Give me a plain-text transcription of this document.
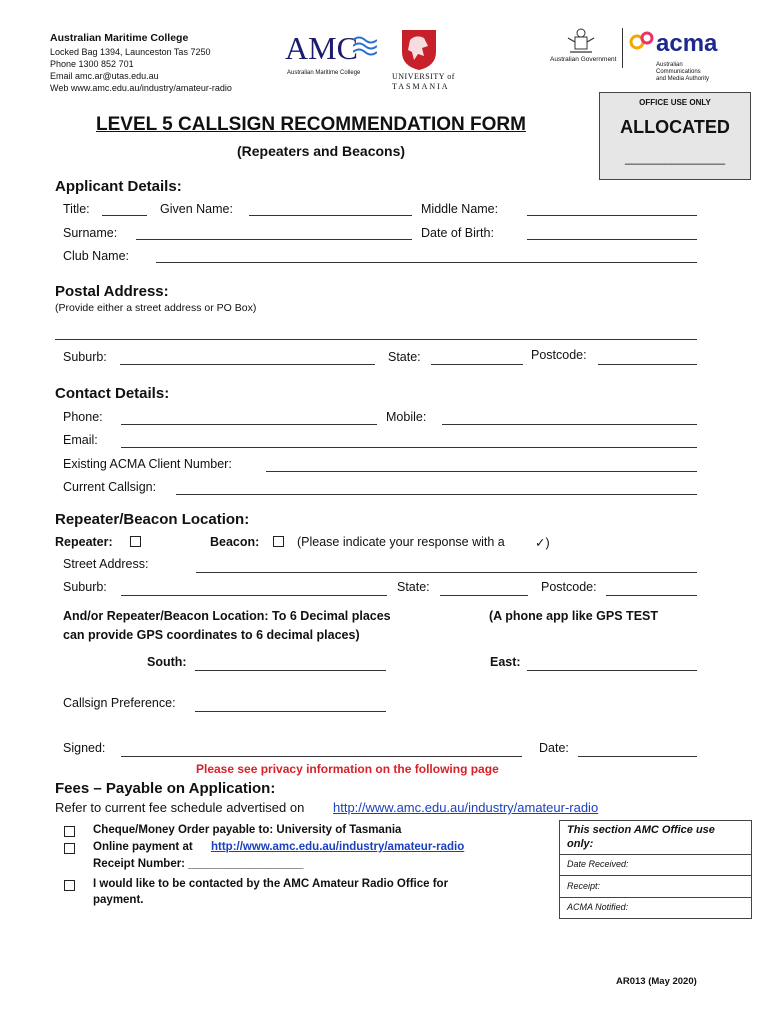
Australian Maritime College
Locked Bag 1394, Launceston Tas 7250
Phone 1300 852 701
Email amc.ar@utas.edu.au
Web www.amc.edu.au/industry/amateur-radio
AMC
Australian Maritime College	UNIVERSITY of
TASMANIA
Australian Government
acma
Australian
Communications
and Media Authority
OFFICE USE ONLY
ALLOCATED
_______________
LEVEL 5 CALLSIGN RECOMMENDATION FORM
(Repeaters and Beacons)
Applicant Details:
Title:	Given Name:	Middle Name:
Surname:	Date of Birth:
Club Name:
Postal Address:
(Provide either a street address or PO Box)
Suburb:	State:	Postcode:
Contact Details:
Phone:	Mobile:
Email:
Existing ACMA Client Number:
Current Callsign:
Repeater/Beacon Location:
Repeater:	Beacon:	(Please indicate your response with a ✓)
Street Address:
Suburb:	State:	Postcode:
And/or Repeater/Beacon Location: To 6 Decimal places	(A phone app like GPS TEST
can provide GPS coordinates to 6 decimal places)
South:	East:
Callsign Preference:
Signed:	Date:
Please see privacy information on the following page
Fees – Payable on Application:
Refer to current fee schedule advertised on http://www.amc.edu.au/industry/amateur-radio
Cheque/Money Order payable to: University of Tasmania
Online payment at http://www.amc.edu.au/industry/amateur-radio
Receipt Number: __________________
I would like to be contacted by the AMC Amateur Radio Office for
payment.
This section AMC Office use
only:
Date Received:
Receipt:
ACMA Notified:
AR013 (May 2020)
